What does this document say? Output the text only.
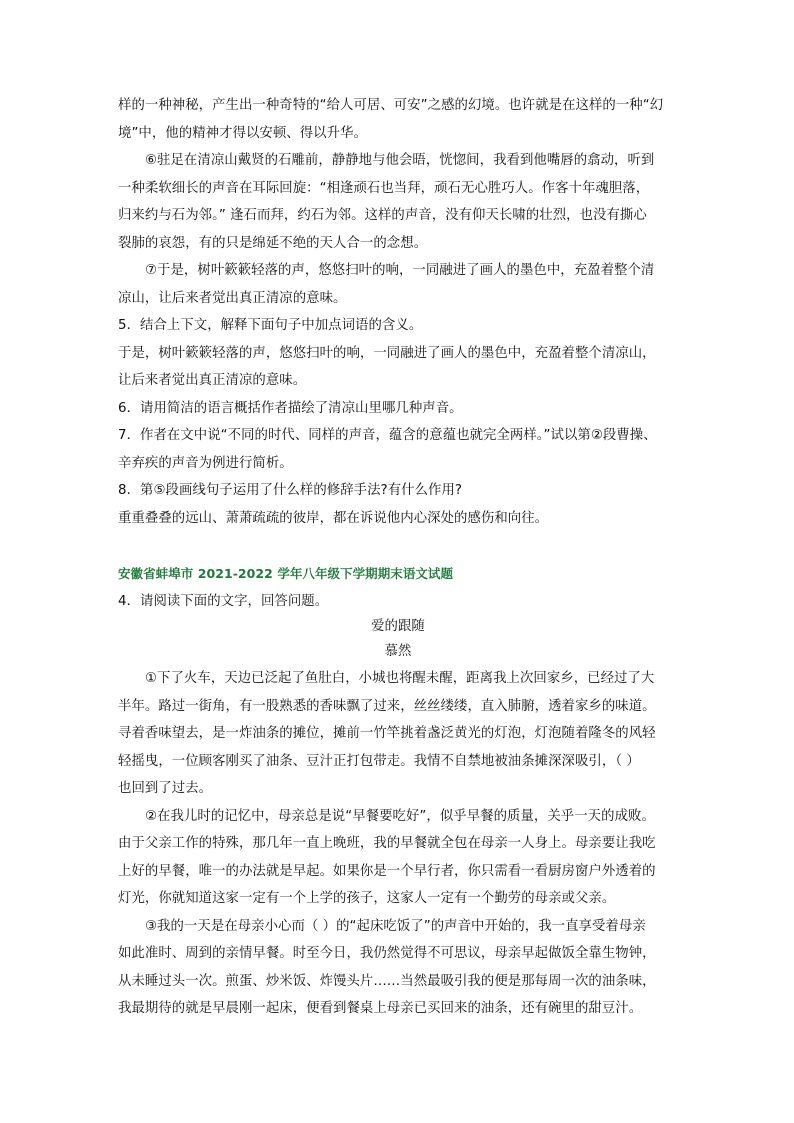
样的一种神秘，产生出一种奇特的“给人可居、可安”之感的幻境。也许就是在这样的一种“幻
境”中，他的精神才得以安顿、得以升华。
⑥驻足在清凉山戴贤的石雕前，静静地与他会晤，恍惚间，我看到他嘴唇的翕动，听到
一种柔软细长的声音在耳际回旋：“相逢顽石也当拜，顽石无心胜巧人。作客十年魂胆落，
归来约与石为邻。” 逢石而拜，约石为邻。这样的声音，没有仰天长啸的壮烈，也没有撕心
裂肺的哀怨，有的只是绵延不绝的天人合一的念想。
⑦于是，树叶簌簌轻落的声，悠悠扫叶的响，一同融进了画人的墨色中，充盈着整个清
凉山，让后来者觉出真正清凉的意味。
5．结合上下文，解释下面句子中加点词语的含义。
于是，树叶簌簌轻落的声，悠悠扫叶的响，一同融进了画人的墨色中，充盈着整个清凉山，
让后来者觉出真正清凉的意味。
6．请用简洁的语言概括作者描绘了清凉山里哪几种声音。
7．作者在文中说“不同的时代、同样的声音，蕴含的意蕴也就完全两样。”试以第②段曹操、
辛弃疾的声音为例进行简析。
8．第⑤段画线句子运用了什么样的修辞手法?有什么作用?
重重叠叠的远山、萧萧疏疏的彼岸，都在诉说他内心深处的感伤和向往。
安徽省蚌埠市 2021-2022 学年八年级下学期期末语文试题
4．请阅读下面的文字，回答问题。
爱的跟随
慕然
①下了火车，天边已泛起了鱼肚白，小城也将醒未醒，距离我上次回家乡，已经过了大
半年。路过一街角，有一股熟悉的香味飘了过来，丝丝缕缕，直入肺腑，透着家乡的味道。
寻着香味望去，是一炸油条的摊位，摊前一竹竿挑着盏泛黄光的灯泡，灯泡随着隆冬的风轻
轻摇曳，一位顾客刚买了油条、豆汁正打包带走。我情不自禁地被油条摊深深吸引，（ ）
也回到了过去。
②在我儿时的记忆中，母亲总是说“早餐要吃好”，似乎早餐的质量，关乎一天的成败。
由于父亲工作的特殊，那几年一直上晚班，我的早餐就全包在母亲一人身上。母亲要让我吃
上好的早餐，唯一的办法就是早起。如果你是一个早行者，你只需看一看厨房窗户外透着的
灯光，你就知道这家一定有一个上学的孩子，这家人一定有一个勤劳的母亲或父亲。
③我的一天是在母亲小心而（ ）的“起床吃饭了”的声音中开始的，我一直享受着母亲
如此准时、周到的亲情早餐。时至今日，我仍然觉得不可思议，母亲早起做饭全靠生物钟，
从未睡过头一次。煎蛋、炒米饭、炸馒头片……当然最吸引我的便是那每周一次的油条味，
我最期待的就是早晨刚一起床，便看到餐桌上母亲已买回来的油条，还有碗里的甜豆汁。
